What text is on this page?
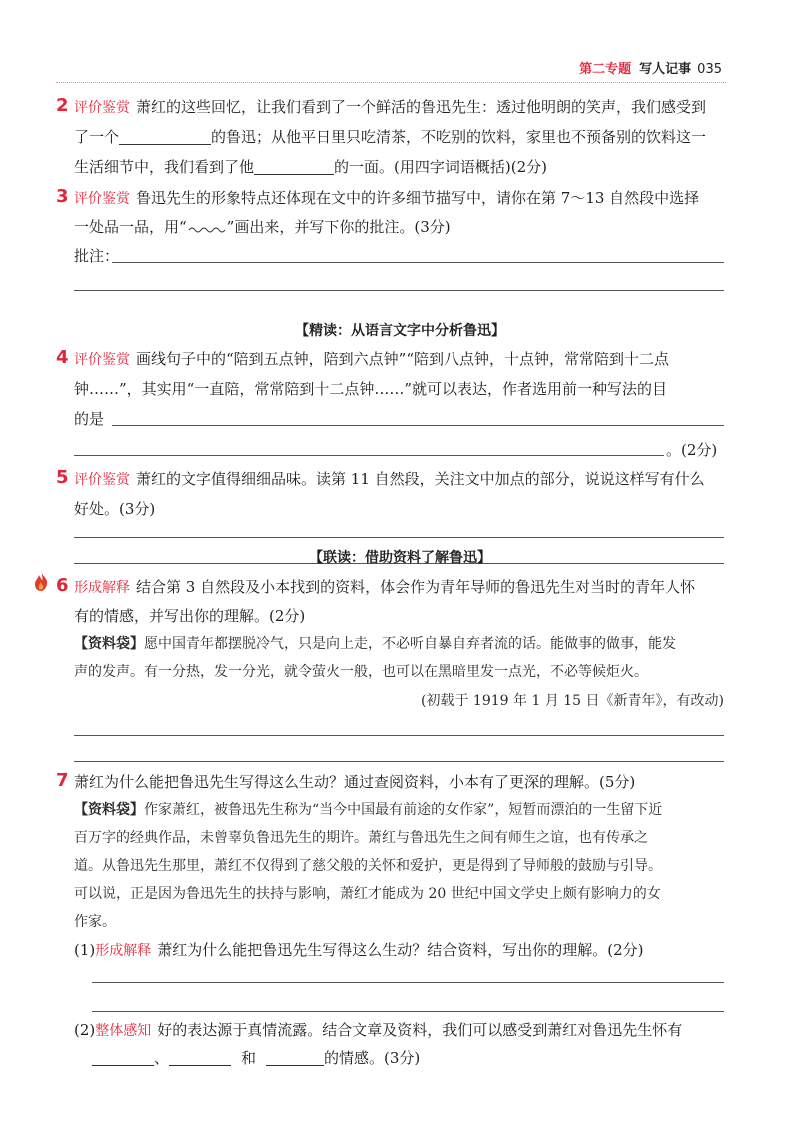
第二专题 写人记事 035
2 评价鉴赏 萧红的这些回忆，让我们看到了一个鲜活的鲁迅先生：透过他明朗的笑声，我们感受到
了一个	的鲁迅；从他平日里只吃清茶，不吃别的饮料，家里也不预备别的饮料这一
生活细节中，我们看到了他	的一面。(用四字词语概括)(2分)
3 评价鉴赏 鲁迅先生的形象特点还体现在文中的许多细节描写中，请你在第 7～13 自然段中选择
一处品一品，用“	”画出来，并写下你的批注。(3分)
批注：
【精读：从语言文字中分析鲁迅】
4 评价鉴赏 画线句子中的“陪到五点钟，陪到六点钟”“陪到八点钟，十点钟，常常陪到十二点
钟……”，其实用“一直陪，常常陪到十二点钟……”就可以表达，作者选用前一种写法的目
的是
。(2分)
5 评价鉴赏 萧红的文字值得细细品味。读第 11 自然段，关注文中加点的部分，说说这样写有什么
好处。(3分)
【联读：借助资料了解鲁迅】
6 形成解释 结合第 3 自然段及小本找到的资料，体会作为青年导师的鲁迅先生对当时的青年人怀
有的情感，并写出你的理解。(2分)
【资料袋】愿中国青年都摆脱冷气，只是向上走，不必听自暴自弃者流的话。能做事的做事，能发
声的发声。有一分热，发一分光，就令萤火一般，也可以在黑暗里发一点光，不必等候炬火。
(初载于 1919 年 1 月 15 日《新青年》，有改动)
7 萧红为什么能把鲁迅先生写得这么生动？通过查阅资料，小本有了更深的理解。(5分)
【资料袋】作家萧红，被鲁迅先生称为“当今中国最有前途的女作家”，短暂而漂泊的一生留下近
百万字的经典作品，未曾辜负鲁迅先生的期许。萧红与鲁迅先生之间有师生之谊，也有传承之
道。从鲁迅先生那里，萧红不仅得到了慈父般的关怀和爱护，更是得到了导师般的鼓励与引导。
可以说，正是因为鲁迅先生的扶持与影响，萧红才能成为 20 世纪中国文学史上颇有影响力的女
作家。
(1)形成解释 萧红为什么能把鲁迅先生写得这么生动？结合资料，写出你的理解。(2分)
(2)整体感知 好的表达源于真情流露。结合文章及资料，我们可以感受到萧红对鲁迅先生怀有
、	和	的情感。(3分)
